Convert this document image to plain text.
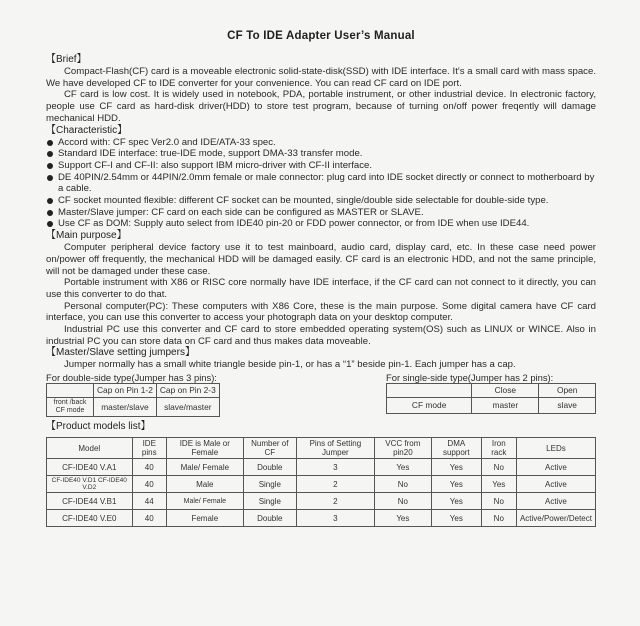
CF To IDE Adapter User’s Manual
【Brief】

Compact-Flash(CF) card is a moveable electronic solid-state-disk(SSD) with IDE interface. It's a small card with mass space. We have developed CF to IDE converter for your convenience. You can read CF card on IDE port.

CF card is low cost. It is widely used in notebook, PDA, portable instrument, or other industrial device. In electronic factory, people use CF card as hard-disk driver(HDD) to store test program, because of turning on/off power freqently will damage mechanical HDD.

【Characteristic】
Accord with: CF spec Ver2.0 and IDE/ATA-33 spec.
Standard IDE interface: true-IDE mode, support DMA-33 transfer mode.
Support CF-I and CF-II: also support IBM micro-driver with CF-II interface.
DE 40PIN/2.54mm or 44PIN/2.0mm female or male connector: plug card into IDE socket directly or connect to motherboard by a cable.
CF socket mounted flexible: different CF socket can be mounted, single/double side selectable for double-side type.
Master/Slave jumper: CF card on each side can be configured as MASTER or SLAVE.
Use CF as DOM: Supply auto select from IDE40 pin-20 or FDD power connector, or from IDE when use IDE44.
【Main purpose】

Computer peripheral device factory use it to test mainboard, audio card, display card, etc. In these case need power on/power off frequently, the mechanical HDD will be damaged easily. CF card is an electronic HDD, and not the same principle, will not be damaged under these case.

Portable instrument with X86 or RISC core normally have IDE interface, if the CF card can not connect to it directly, you can use this converter to do that.

Personal computer(PC): These computers with X86 Core, these is the main purpose. Some digital camera have CF card interface, you can use this converter to access your photograph data on your desktop computer.

Industrial PC use this converter and CF card to store embedded operating system(OS) such as LINUX or WINCE. Also in industrial PC you can store data on CF card and thus makes data moveable.

【Master/Slave setting jumpers】

Jumper normally has a small white triangle beside pin-1, or has a “1” beside pin-1. Each jumper has a cap.

For double-side type(Jumper has 3 pins):
	Cap on Pin 1-2	Cap on Pin 2-3
front /back CF mode	master/slave	slave/master
For single-side type(Jumper has 2 pins):
	Close	Open
CF mode	master	slave
【Product models list】
Model	IDE pins	IDE is Male or Female	Number of CF	Pins of Setting Jumper	VCC from pin20	DMA support	Iron rack	LEDs
CF-IDE40 V.A1	40	Male/ Female	Double	3	Yes	Yes	No	Active
CF-IDE40 V.D1 CF-IDE40 V.D2	40	Male	Single	2	No	Yes	Yes	Active
CF-IDE44 V.B1	44	Male/ Female	Single	2	No	Yes	No	Active
CF-IDE40 V.E0	40	Female	Double	3	Yes	Yes	No	Active/Power/Detect
